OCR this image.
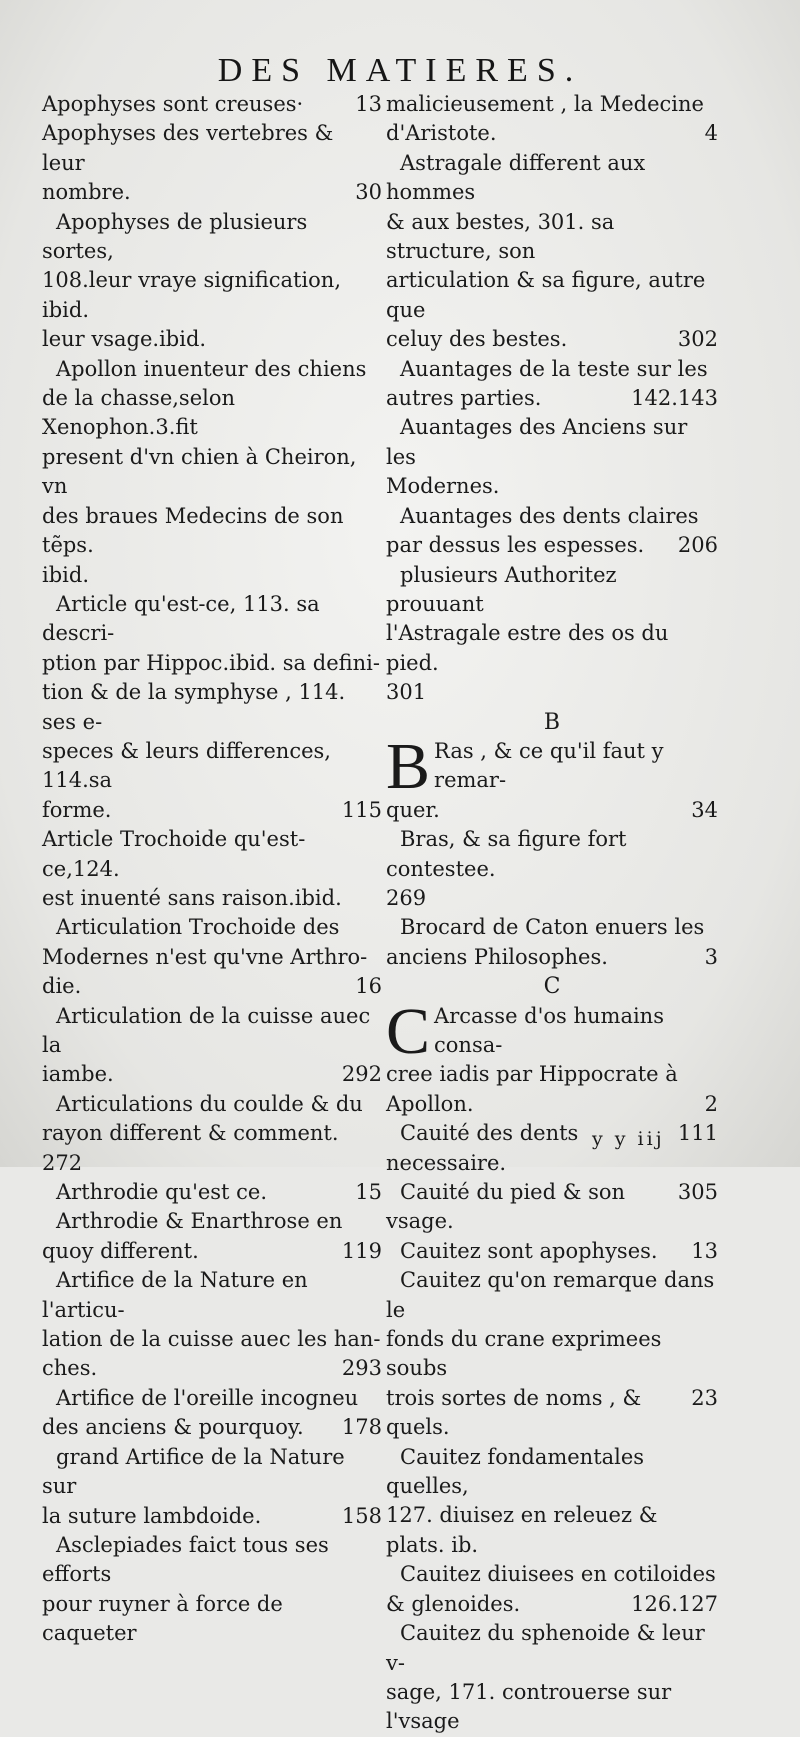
DES MATIERES.
13
Apophyses sont creuses·
Apophyses des vertebres & leur
30
nombre.
Apophyses de plusieurs sortes,
108.leur vraye signification, ibid.
leur vsage.ibid.
Apollon inuenteur des chiens
de la chasse,selon Xenophon.3.fit
present d'vn chien à Cheiron, vn
des braues Medecins de son tẽps.
ibid.
Article qu'est-ce, 113. sa descri-
ption par Hippoc.ibid. sa defini-
tion & de la symphyse , 114. ses e-
speces & leurs differences, 114.sa
115
forme.
Article Trochoide qu'est-ce,124.
est inuenté sans raison.ibid.
Articulation Trochoide des
Modernes n'est qu'vne Arthro-
16
die.
Articulation de la cuisse auec la
292
iambe.
Articulations du coulde & du
rayon different & comment.
272
15
Arthrodie qu'est ce.
Arthrodie & Enarthrose en
119
quoy different.
Artifice de la Nature en l'articu-
lation de la cuisse auec les han-
293
ches.
Artifice de l'oreille incogneu
178
des anciens & pourquoy.
grand Artifice de la Nature sur
158
la suture lambdoide.
Asclepiades faict tous ses efforts
pour ruyner à force de caqueter
malicieusement , la Medecine
4
d'Aristote.
Astragale different aux hommes
& aux bestes, 301. sa structure, son
articulation & sa figure, autre que
302
celuy des bestes.
Auantages de la teste sur les
142.143
autres parties.
Auantages des Anciens sur les
Modernes.
Auantages des dents claires
206
par dessus les espesses.
plusieurs Authoritez prouuant
l'Astragale estre des os du pied.
301
B
B Ras , & ce qu'il faut y remar-
34
quer.
Bras, & sa figure fort contestee.
269
Brocard de Caton enuers les
3
anciens Philosophes.
C
C Arcasse d'os humains consa-
cree iadis par Hippocrate à
2
Apollon.
111
Cauité des dents necessaire.
305
Cauité du pied & son vsage.
13
Cauitez sont apophyses.
Cauitez qu'on remarque dans le
fonds du crane exprimees soubs
23
trois sortes de noms , & quels.
Cauitez fondamentales quelles,
127. diuisez en releuez & plats. ib.
Cauitez diuisees en cotiloides
126.127
& glenoides.
Cauitez du sphenoide & leur v-
sage, 171. controuerse sur l'vsage
y y iij
